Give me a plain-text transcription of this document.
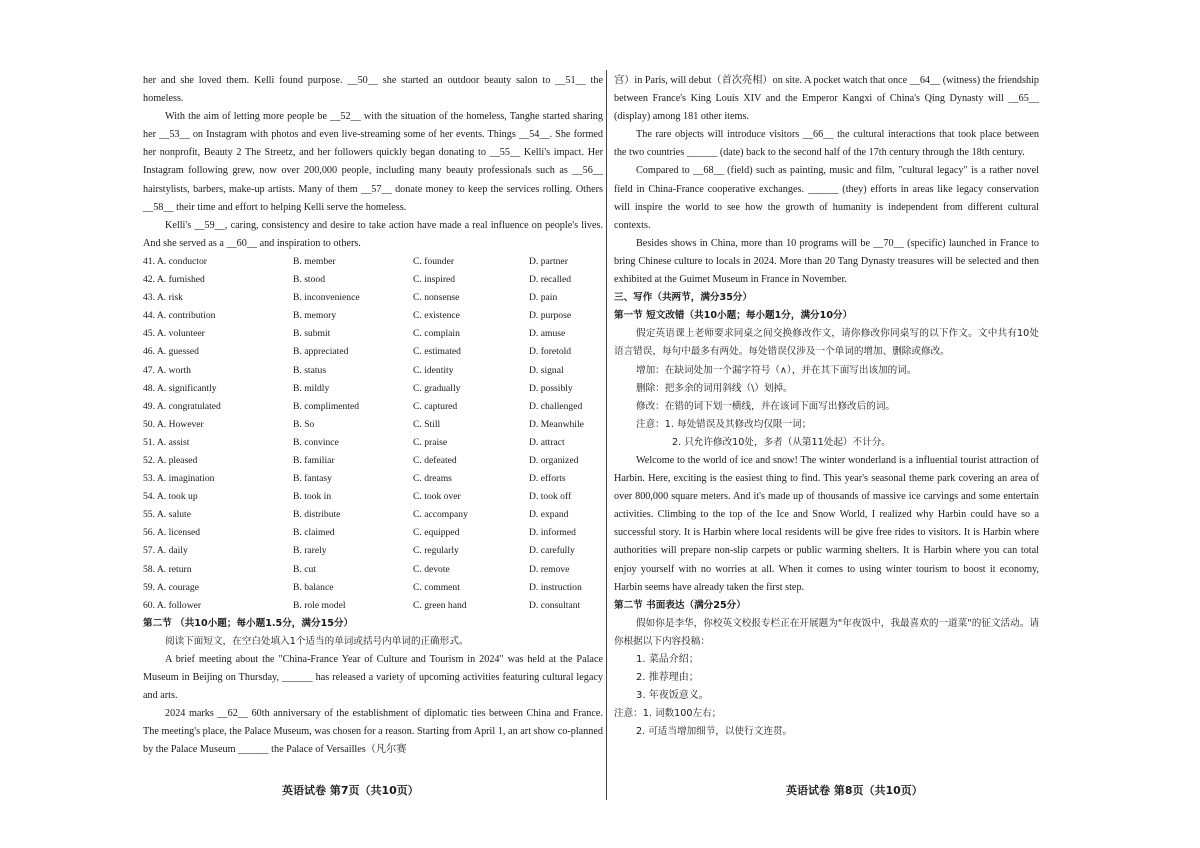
her and she loved them. Kelli found purpose. __50__ she started an outdoor beauty salon to __51__ the homeless.

With the aim of letting more people be __52__ with the situation of the homeless, Tanghe started sharing her __53__ on Instagram with photos and even live-streaming some of her events. Things __54__. She formed her nonprofit, Beauty 2 The Streetz, and her followers quickly began donating to __55__ Kelli's impact. Her Instagram following grew, now over 200,000 people, including many beauty professionals such as __56__ hairstylists, barbers, make-up artists. Many of them __57__ donate money to keep the services rolling. Others __58__ their time and effort to helping Kelli serve the homeless.

Kelli's __59__, caring, consistency and desire to take action have made a real influence on people's lives. And she served as a __60__ and inspiration to others.

41. A. conductor	B. member	C. founder	D. partner
42. A. furnished	B. stood	C. inspired	D. recalled
43. A. risk	B. inconvenience	C. nonsense	D. pain
44. A. contribution	B. memory	C. existence	D. purpose
45. A. volunteer	B. submit	C. complain	D. amuse
46. A. guessed	B. appreciated	C. estimated	D. foretold
47. A. worth	B. status	C. identity	D. signal
48. A. significantly	B. mildly	C. gradually	D. possibly
49. A. congratulated	B. complimented	C. captured	D. challenged
50. A. However	B. So	C. Still	D. Meanwhile
51. A. assist	B. convince	C. praise	D. attract
52. A. pleased	B. familiar	C. defeated	D. organized
53. A. imagination	B. fantasy	C. dreams	D. efforts
54. A. took up	B. took in	C. took over	D. took off
55. A. salute	B. distribute	C. accompany	D. expand
56. A. licensed	B. claimed	C. equipped	D. informed
57. A. daily	B. rarely	C. regularly	D. carefully
58. A. return	B. cut	C. devote	D. remove
59. A. courage	B. balance	C. comment	D. instruction
60. A. follower	B. role model	C. green hand	D. consultant
第二节 （共10小题；每小题1.5分，满分15分）

阅读下面短文，在空白处填入1个适当的单词或括号内单词的正确形式。

A brief meeting about the "China-France Year of Culture and Tourism in 2024" was held at the Palace Museum in Beijing on Thursday, ______ has released a variety of upcoming activities featuring cultural legacy and arts.

2024 marks __62__ 60th anniversary of the establishment of diplomatic ties between China and France. The meeting's place, the Palace Museum, was chosen for a reason. Starting from April 1, an art show co-planned by the Palace Museum ______ the Palace of Versailles（凡尔赛

宫）in Paris, will debut（首次亮相）on site. A pocket watch that once __64__ (witness) the friendship between France's King Louis XIV and the Emperor Kangxi of China's Qing Dynasty will __65__ (display) among 181 other items.

The rare objects will introduce visitors __66__ the cultural interactions that took place between the two countries ______ (date) back to the second half of the 17th century through the 18th century.

Compared to __68__ (field) such as painting, music and film, "cultural legacy" is a rather novel field in China-France cooperative exchanges. ______ (they) efforts in areas like legacy conservation will inspire the world to see how the growth of humanity is independent from different cultural contexts.

Besides shows in China, more than 10 programs will be __70__ (specific) launched in France to bring Chinese culture to locals in 2024. More than 20 Tang Dynasty treasures will be selected and then exhibited at the Guimet Museum in France in November.

三、写作（共两节，满分35分）
第一节 短文改错（共10小题；每小题1分，满分10分）

假定英语课上老师要求同桌之间交换修改作文，请你修改你同桌写的以下作文。文中共有10处语言错误，每句中最多有两处。每处错误仅涉及一个单词的增加、删除或修改。

增加：在缺词处加一个漏字符号（∧），并在其下面写出该加的词。

删除：把多余的词用斜线（\）划掉。

修改：在错的词下划一横线，并在该词下面写出修改后的词。

注意：1. 每处错误及其修改均仅限一词；

2. 只允许修改10处，多者（从第11处起）不计分。

Welcome to the world of ice and snow! The winter wonderland is a influential tourist attraction of Harbin. Here, exciting is the easiest thing to find. This year's seasonal theme park covering an area of over 800,000 square meters. And it's made up of thousands of massive ice carvings and some entertain activities. Climbing to the top of the Ice and Snow World, I realized why Harbin could have so a successful story. It is Harbin where local residents will be give free rides to visitors. It is Harbin where authorities will prepare non-slip carpets or public warming shelters. It is Harbin where you can total enjoy yourself with no worries at all. When it comes to using winter tourism to boost it economy, Harbin seems have already taken the first step.

第二节 书面表达（满分25分）

假如你是李华，你校英文校报专栏正在开展题为"年夜饭中，我最喜欢的一道菜"的征文活动。请你根据以下内容投稿：

1. 菜品介绍；
2. 推荐理由；
3. 年夜饭意义。

注意：1. 词数100左右；

2. 可适当增加细节，以使行文连贯。

英语试卷 第7页（共10页）	英语试卷 第8页（共10页）
